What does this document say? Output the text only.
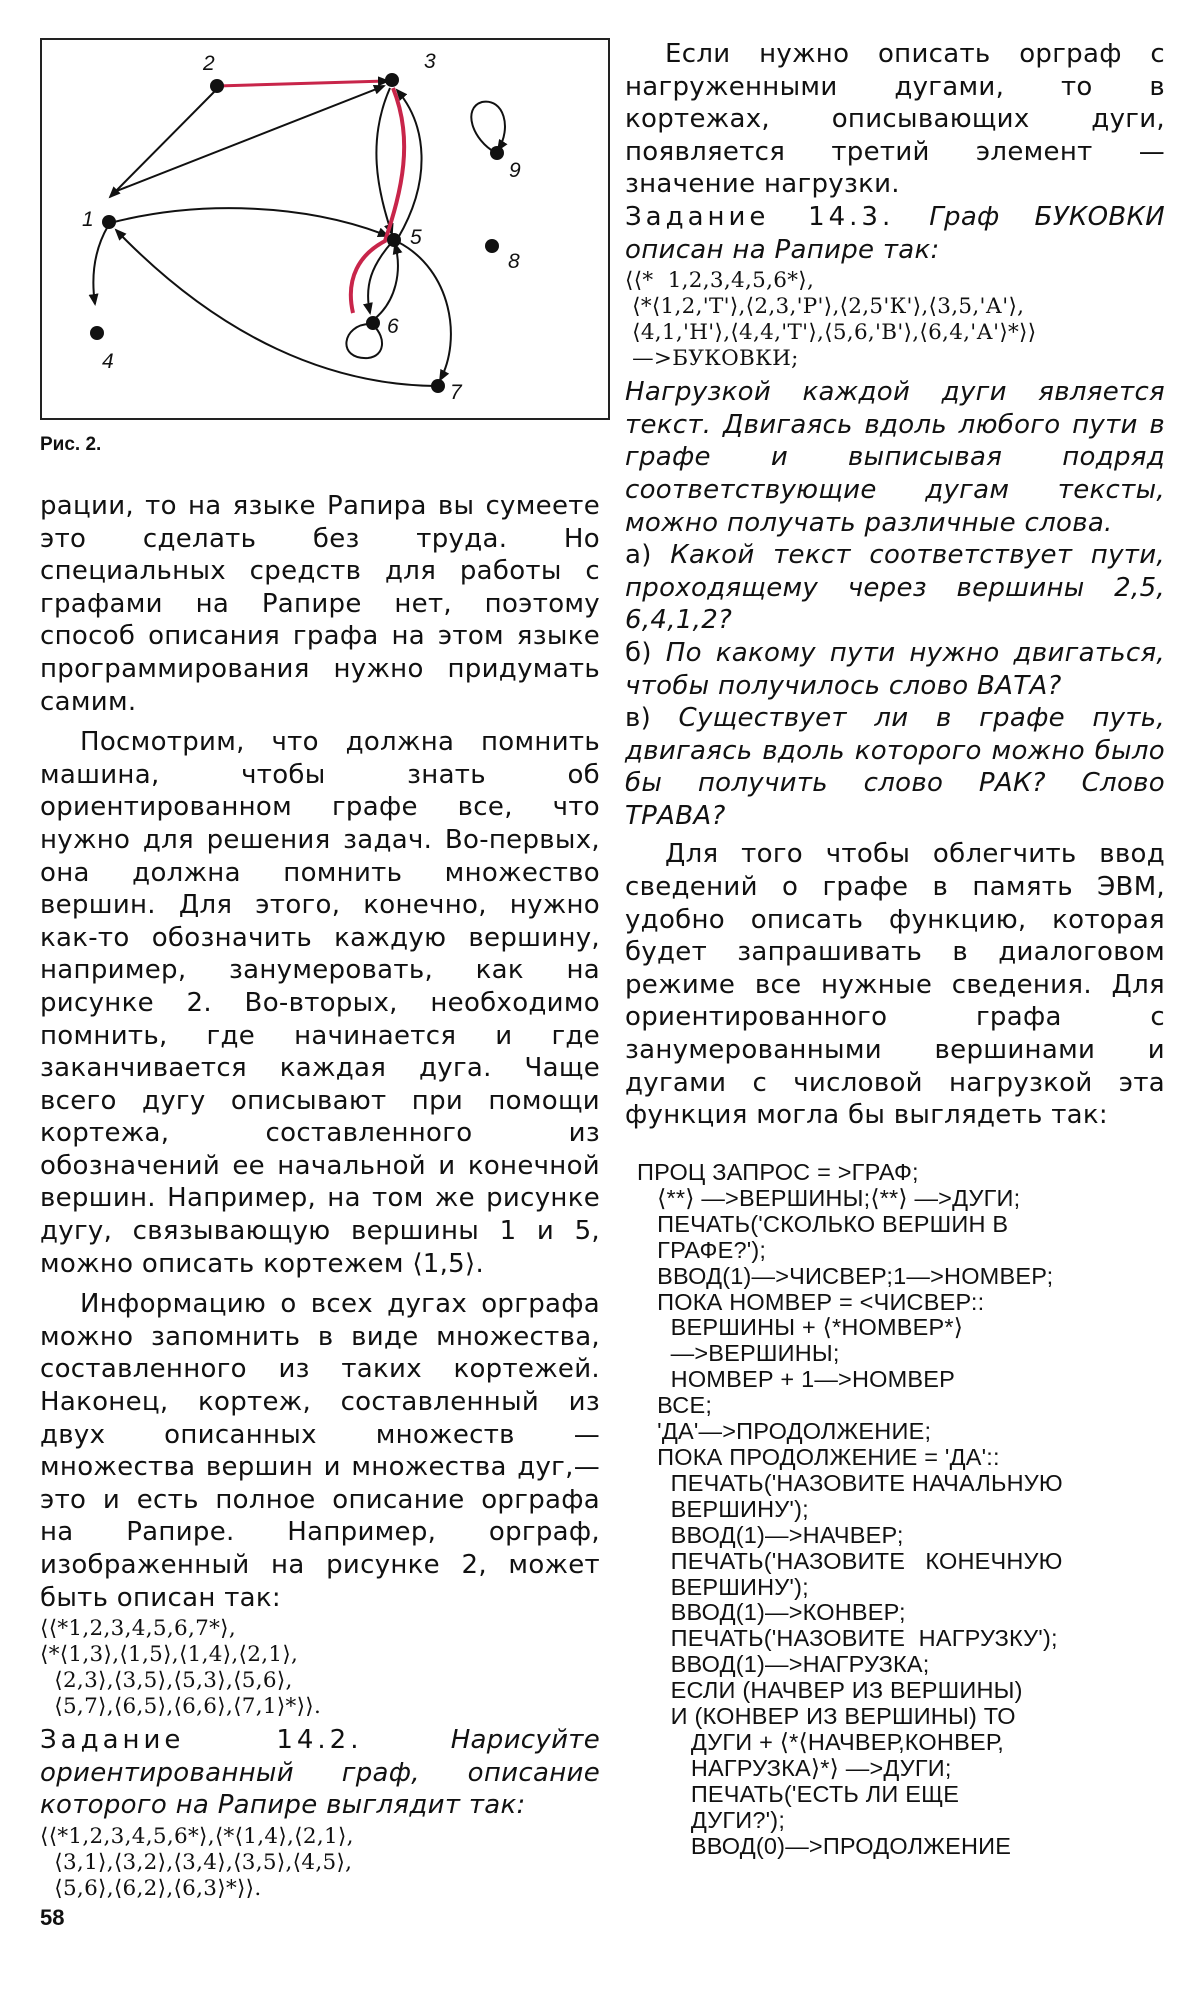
1
2	3
4
5
6
7
8
9
Рис. 2.

рации, то на языке Рапира вы сумеете это сделать без труда. Но специальных средств для работы с графами на Рапире нет, поэтому способ описания графа на этом языке программирования нужно придумать самим.

Посмотрим, что должна помнить машина, чтобы знать об ориентированном графе все, что нужно для решения задач. Во-первых, она должна помнить множество вершин. Для этого, конечно, нужно как-то обозначить каждую вершину, например, занумеровать, как на рисунке 2. Во-вторых, необходимо помнить, где начинается и где заканчивается каждая дуга. Чаще всего дугу описывают при помощи кортежа, составленного из обозначений ее начальной и конечной вершин. Например, на том же рисунке дугу, связывающую вершины 1 и 5, можно описать кортежем ⟨1,5⟩.

Информацию о всех дугах орграфа можно запомнить в виде множества, составленного из таких кортежей. Наконец, кортеж, составленный из двух описанных множеств — множества вершин и множества дуг,— это и есть полное описание орграфа на Рапире. Например, орграф, изображенный на рисунке 2, может быть описан так:

⟨⟨*1,2,3,4,5,6,7*⟩,
⟨*⟨1,3⟩,⟨1,5⟩,⟨1,4⟩,⟨2,1⟩,
⟨2,3⟩,⟨3,5⟩,⟨5,3⟩,⟨5,6⟩,
⟨5,7⟩,⟨6,5⟩,⟨6,6⟩,⟨7,1⟩*⟩⟩.

Задание 14.2. Нарисуйте ориентированный граф, описание которого на Рапире выглядит так:

⟨⟨*1,2,3,4,5,6*⟩,⟨*⟨1,4⟩,⟨2,1⟩,
⟨3,1⟩,⟨3,2⟩,⟨3,4⟩,⟨3,5⟩,⟨4,5⟩,
⟨5,6⟩,⟨6,2⟩,⟨6,3⟩*⟩⟩.

Если нужно описать орграф с нагруженными дугами, то в кортежах, описывающих дуги, появляется третий элемент — значение нагрузки.

Задание 14.3. Граф БУКОВКИ описан на Рапире так:

⟨⟨*  1,2,3,4,5,6*⟩,
⟨*⟨1,2,'Т'⟩,⟨2,3,'Р'⟩,⟨2,5'К'⟩,⟨3,5,'А'⟩,
⟨4,1,'Н'⟩,⟨4,4,'Т'⟩,⟨5,6,'В'⟩,⟨6,4,'А'⟩*⟩⟩
—>БУКОВКИ;

Нагрузкой каждой дуги является текст. Двигаясь вдоль любого пути в графе и выписывая подряд соответствующие дугам тексты, можно получать различные слова.

а) Какой текст соответствует пути, проходящему через вершины 2,5, 6,4,1,2?

б) По какому пути нужно двигаться, чтобы получилось слово ВАТА?

в) Существует ли в графе путь, двигаясь вдоль которого можно было бы получить слово РАК? Слово ТРАВА?

Для того чтобы облегчить ввод сведений о графе в память ЭВМ, удобно описать функцию, которая будет запрашивать в диалоговом режиме все нужные сведения. Для ориентированного графа с занумерованными вершинами и дугами с числовой нагрузкой эта функция могла бы выглядеть так:

ПРОЦ ЗАПРОС = >ГРАФ;
⟨**⟩ —>ВЕРШИНЫ;⟨**⟩ —>ДУГИ;
ПЕЧАТЬ('СКОЛЬКО ВЕРШИН В
ГРАФЕ?');
ВВОД(1)—>ЧИСВЕР;1—>НОМВЕР;
ПОКА НОМВЕР = <ЧИСВЕР::
ВЕРШИНЫ + ⟨*НОМВЕР*⟩
—>ВЕРШИНЫ;
НОМВЕР + 1—>НОМВЕР
ВСЕ;
'ДА'—>ПРОДОЛЖЕНИЕ;
ПОКА ПРОДОЛЖЕНИЕ = 'ДА'::
ПЕЧАТЬ('НАЗОВИТЕ НАЧАЛЬНУЮ
ВЕРШИНУ');
ВВОД(1)—>НАЧВЕР;
ПЕЧАТЬ('НАЗОВИТЕ   КОНЕЧНУЮ
ВЕРШИНУ');
ВВОД(1)—>КОНВЕР;
ПЕЧАТЬ('НАЗОВИТЕ  НАГРУЗКУ');
ВВОД(1)—>НАГРУЗКА;
ЕСЛИ (НАЧВЕР ИЗ ВЕРШИНЫ)
И (КОНВЕР ИЗ ВЕРШИНЫ) ТО
ДУГИ + ⟨*⟨НАЧВЕР,КОНВЕР,
НАГРУЗКА⟩*⟩ —>ДУГИ;
ПЕЧАТЬ('ЕСТЬ ЛИ ЕЩЕ
ДУГИ?');
ВВОД(0)—>ПРОДОЛЖЕНИЕ
58
